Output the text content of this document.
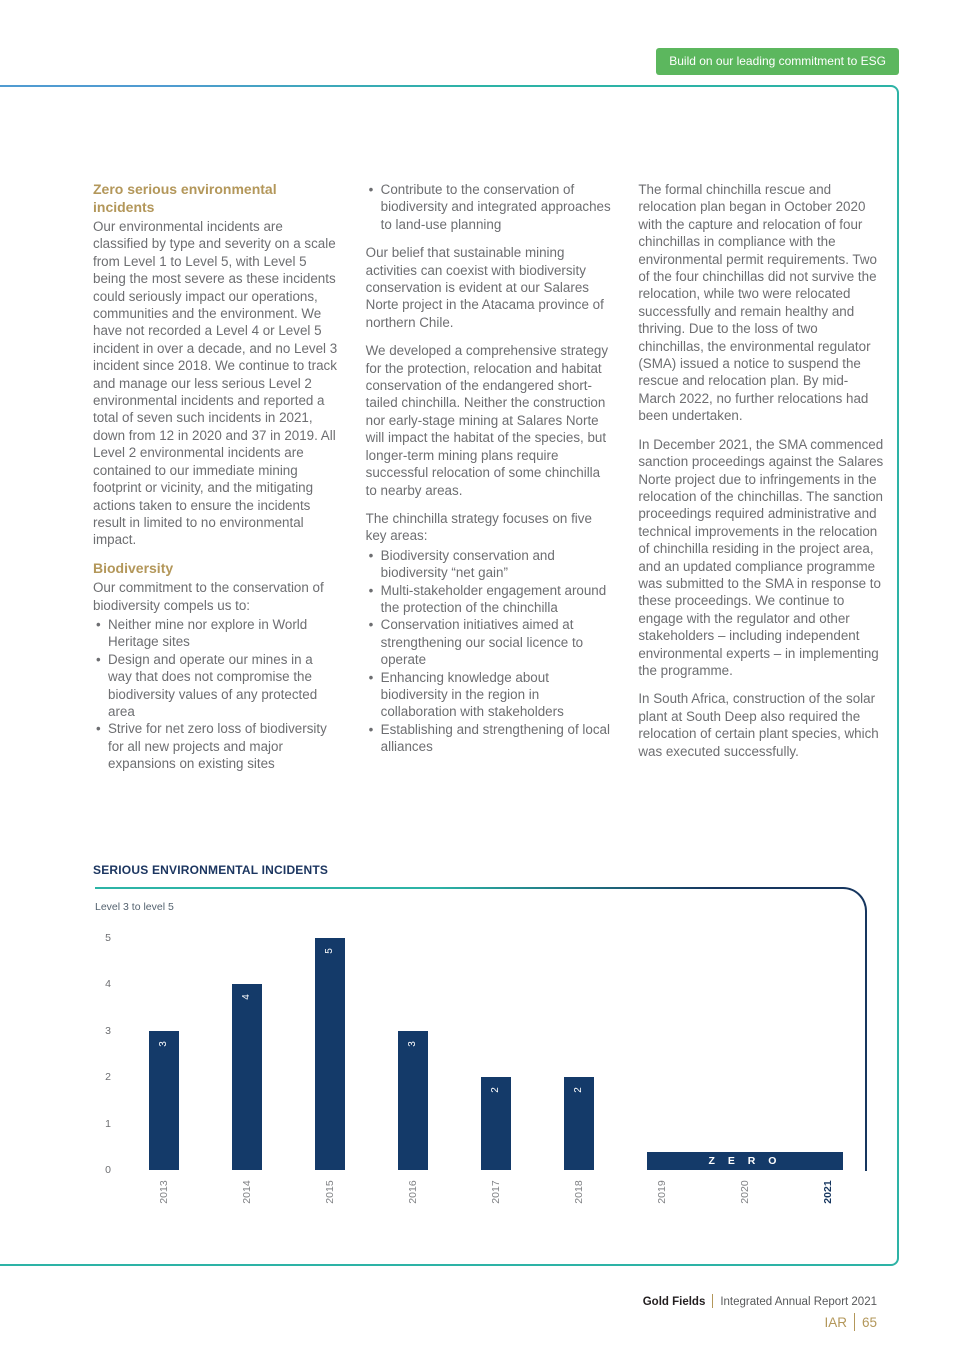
Build on our leading commitment to ESG
Zero serious environmental incidents

Our environmental incidents are classified by type and severity on a scale from Level 1 to Level 5, with Level 5 being the most severe as these incidents could seriously impact our operations, communities and the environment. We have not recorded a Level 4 or Level 5 incident in over a decade, and no Level 3 incident since 2018. We continue to track and manage our less serious Level 2 environmental incidents and reported a total of seven such incidents in 2021, down from 12 in 2020 and 37 in 2019. All Level 2 environmental incidents are contained to our immediate mining footprint or vicinity, and the mitigating actions taken to ensure the incidents result in limited to no environmental impact.

Biodiversity

Our commitment to the conservation of biodiversity compels us to:

• Neither mine nor explore in World Heritage sites
• Design and operate our mines in a way that does not compromise the biodiversity values of any protected area
• Strive for net zero loss of biodiversity for all new projects and major expansions on existing sites
• Contribute to the conservation of biodiversity and integrated approaches to land-use planning

Our belief that sustainable mining activities can coexist with biodiversity conservation is evident at our Salares Norte project in the Atacama province of northern Chile.

We developed a comprehensive strategy for the protection, relocation and habitat conservation of the endangered short-tailed chinchilla. Neither the construction nor early-stage mining at Salares Norte will impact the habitat of the species, but longer-term mining plans require successful relocation of some chinchilla to nearby areas.

The chinchilla strategy focuses on five key areas:

• Biodiversity conservation and biodiversity “net gain”
• Multi-stakeholder engagement around the protection of the chinchilla
• Conservation initiatives aimed at strengthening our social licence to operate
• Enhancing knowledge about biodiversity in the region in collaboration with stakeholders
• Establishing and strengthening of local alliances

The formal chinchilla rescue and relocation plan began in October 2020 with the capture and relocation of four chinchillas in compliance with the environmental permit requirements. Two of the four chinchillas did not survive the relocation, while two were relocated successfully and remain healthy and thriving. Due to the loss of two chinchillas, the environmental regulator (SMA) issued a notice to suspend the rescue and relocation plan. By mid-March 2022, no further relocations had been undertaken.

In December 2021, the SMA commenced sanction proceedings against the Salares Norte project due to infringements in the relocation of the chinchillas. The sanction proceedings required administrative and technical improvements in the relocation of chinchilla residing in the project area, and an updated compliance programme was submitted to the SMA in response to these proceedings. We continue to engage with the regulator and other stakeholders – including independent environmental experts – in implementing the programme.

In South Africa, construction of the solar plant at South Deep also required the relocation of certain plant species, which was executed successfully.

SERIOUS ENVIRONMENTAL INCIDENTS
Level 3 to level 5
0
1
2
3
4
5
3
2013
4
2014
5
2015
3
2016
2
2017
2
2018	2019	2020	2021
Z E R O
Gold Fields Integrated Annual Report 2021
IAR 65
